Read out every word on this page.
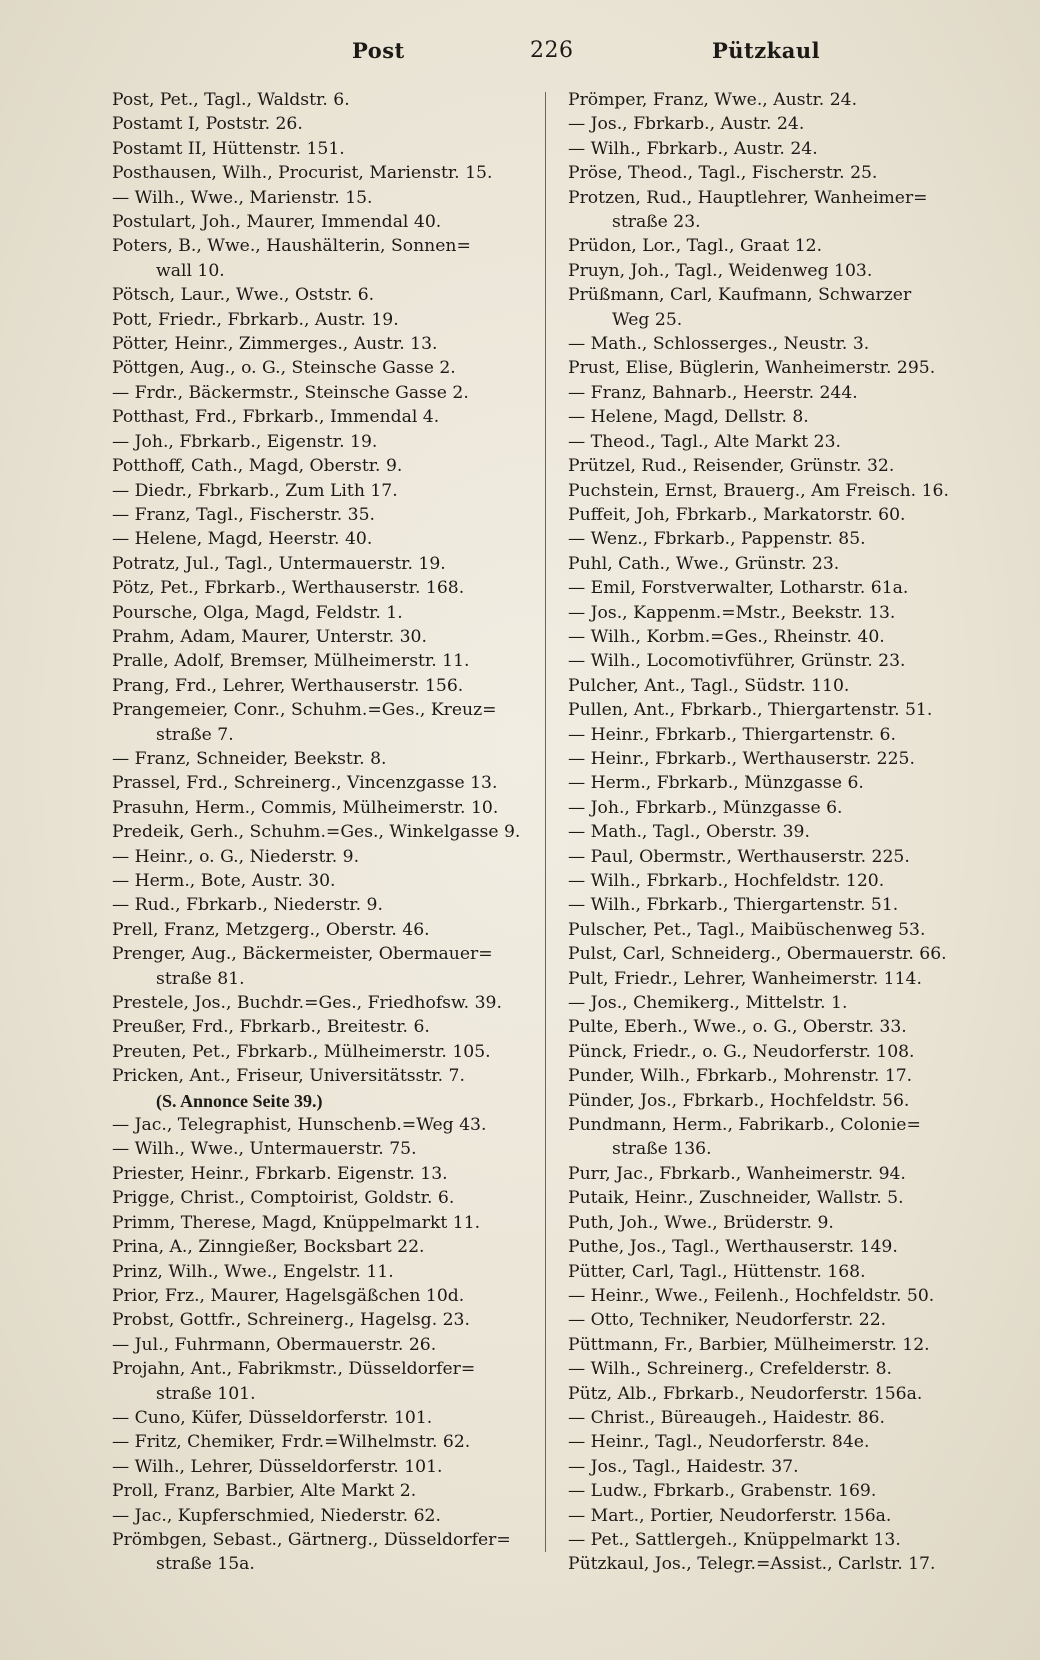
Post	226	Pützkaul
Post, Pet., Tagl., Waldstr. 6.
Postamt I, Poststr. 26.
Postamt II, Hüttenstr. 151.
Posthausen, Wilh., Procurist, Marienstr. 15.
— Wilh., Wwe., Marienstr. 15.
Postulart, Joh., Maurer, Immendal 40.
Poters, B., Wwe., Haushälterin, Sonnen=
wall 10.
Pötsch, Laur., Wwe., Oststr. 6.
Pott, Friedr., Fbrkarb., Austr. 19.
Pötter, Heinr., Zimmerges., Austr. 13.
Pöttgen, Aug., o. G., Steinsche Gasse 2.
— Frdr., Bäckermstr., Steinsche Gasse 2.
Potthast, Frd., Fbrkarb., Immendal 4.
— Joh., Fbrkarb., Eigenstr. 19.
Potthoff, Cath., Magd, Oberstr. 9.
— Diedr., Fbrkarb., Zum Lith 17.
— Franz, Tagl., Fischerstr. 35.
— Helene, Magd, Heerstr. 40.
Potratz, Jul., Tagl., Untermauerstr. 19.
Pötz, Pet., Fbrkarb., Werthauserstr. 168.
Poursche, Olga, Magd, Feldstr. 1.
Prahm, Adam, Maurer, Unterstr. 30.
Pralle, Adolf, Bremser, Mülheimerstr. 11.
Prang, Frd., Lehrer, Werthauserstr. 156.
Prangemeier, Conr., Schuhm.=Ges., Kreuz=
straße 7.
— Franz, Schneider, Beekstr. 8.
Prassel, Frd., Schreinerg., Vincenzgasse 13.
Prasuhn, Herm., Commis, Mülheimerstr. 10.
Predeik, Gerh., Schuhm.=Ges., Winkelgasse 9.
— Heinr., o. G., Niederstr. 9.
— Herm., Bote, Austr. 30.
— Rud., Fbrkarb., Niederstr. 9.
Prell, Franz, Metzgerg., Oberstr. 46.
Prenger, Aug., Bäckermeister, Obermauer=
straße 81.
Prestele, Jos., Buchdr.=Ges., Friedhofsw. 39.
Preußer, Frd., Fbrkarb., Breitestr. 6.
Preuten, Pet., Fbrkarb., Mülheimerstr. 105.
Pricken, Ant., Friseur, Universitätsstr. 7.
(S. Annonce Seite 39.)
— Jac., Telegraphist, Hunschenb.=Weg 43.
— Wilh., Wwe., Untermauerstr. 75.
Priester, Heinr., Fbrkarb. Eigenstr. 13.
Prigge, Christ., Comptoirist, Goldstr. 6.
Primm, Therese, Magd, Knüppelmarkt 11.
Prina, A., Zinngießer, Bocksbart 22.
Prinz, Wilh., Wwe., Engelstr. 11.
Prior, Frz., Maurer, Hagelsgäßchen 10d.
Probst, Gottfr., Schreinerg., Hagelsg. 23.
— Jul., Fuhrmann, Obermauerstr. 26.
Projahn, Ant., Fabrikmstr., Düsseldorfer=
straße 101.
— Cuno, Küfer, Düsseldorferstr. 101.
— Fritz, Chemiker, Frdr.=Wilhelmstr. 62.
— Wilh., Lehrer, Düsseldorferstr. 101.
Proll, Franz, Barbier, Alte Markt 2.
— Jac., Kupferschmied, Niederstr. 62.
Prömbgen, Sebast., Gärtnerg., Düsseldorfer=
straße 15a.
Prömper, Franz, Wwe., Austr. 24.
— Jos., Fbrkarb., Austr. 24.
— Wilh., Fbrkarb., Austr. 24.
Pröse, Theod., Tagl., Fischerstr. 25.
Protzen, Rud., Hauptlehrer, Wanheimer=
straße 23.
Prüdon, Lor., Tagl., Graat 12.
Pruyn, Joh., Tagl., Weidenweg 103.
Prüßmann, Carl, Kaufmann, Schwarzer
Weg 25.
— Math., Schlosserges., Neustr. 3.
Prust, Elise, Büglerin, Wanheimerstr. 295.
— Franz, Bahnarb., Heerstr. 244.
— Helene, Magd, Dellstr. 8.
— Theod., Tagl., Alte Markt 23.
Prützel, Rud., Reisender, Grünstr. 32.
Puchstein, Ernst, Brauerg., Am Freisch. 16.
Puffeit, Joh, Fbrkarb., Markatorstr. 60.
— Wenz., Fbrkarb., Pappenstr. 85.
Puhl, Cath., Wwe., Grünstr. 23.
— Emil, Forstverwalter, Lotharstr. 61a.
— Jos., Kappenm.=Mstr., Beekstr. 13.
— Wilh., Korbm.=Ges., Rheinstr. 40.
— Wilh., Locomotivführer, Grünstr. 23.
Pulcher, Ant., Tagl., Südstr. 110.
Pullen, Ant., Fbrkarb., Thiergartenstr. 51.
— Heinr., Fbrkarb., Thiergartenstr. 6.
— Heinr., Fbrkarb., Werthauserstr. 225.
— Herm., Fbrkarb., Münzgasse 6.
— Joh., Fbrkarb., Münzgasse 6.
— Math., Tagl., Oberstr. 39.
— Paul, Obermstr., Werthauserstr. 225.
— Wilh., Fbrkarb., Hochfeldstr. 120.
— Wilh., Fbrkarb., Thiergartenstr. 51.
Pulscher, Pet., Tagl., Maibüschenweg 53.
Pulst, Carl, Schneiderg., Obermauerstr. 66.
Pult, Friedr., Lehrer, Wanheimerstr. 114.
— Jos., Chemikerg., Mittelstr. 1.
Pulte, Eberh., Wwe., o. G., Oberstr. 33.
Pünck, Friedr., o. G., Neudorferstr. 108.
Punder, Wilh., Fbrkarb., Mohrenstr. 17.
Pünder, Jos., Fbrkarb., Hochfeldstr. 56.
Pundmann, Herm., Fabrikarb., Colonie=
straße 136.
Purr, Jac., Fbrkarb., Wanheimerstr. 94.
Putaik, Heinr., Zuschneider, Wallstr. 5.
Puth, Joh., Wwe., Brüderstr. 9.
Puthe, Jos., Tagl., Werthauserstr. 149.
Pütter, Carl, Tagl., Hüttenstr. 168.
— Heinr., Wwe., Feilenh., Hochfeldstr. 50.
— Otto, Techniker, Neudorferstr. 22.
Püttmann, Fr., Barbier, Mülheimerstr. 12.
— Wilh., Schreinerg., Crefelderstr. 8.
Pütz, Alb., Fbrkarb., Neudorferstr. 156a.
— Christ., Büreaugeh., Haidestr. 86.
— Heinr., Tagl., Neudorferstr. 84e.
— Jos., Tagl., Haidestr. 37.
— Ludw., Fbrkarb., Grabenstr. 169.
— Mart., Portier, Neudorferstr. 156a.
— Pet., Sattlergeh., Knüppelmarkt 13.
Pützkaul, Jos., Telegr.=Assist., Carlstr. 17.
